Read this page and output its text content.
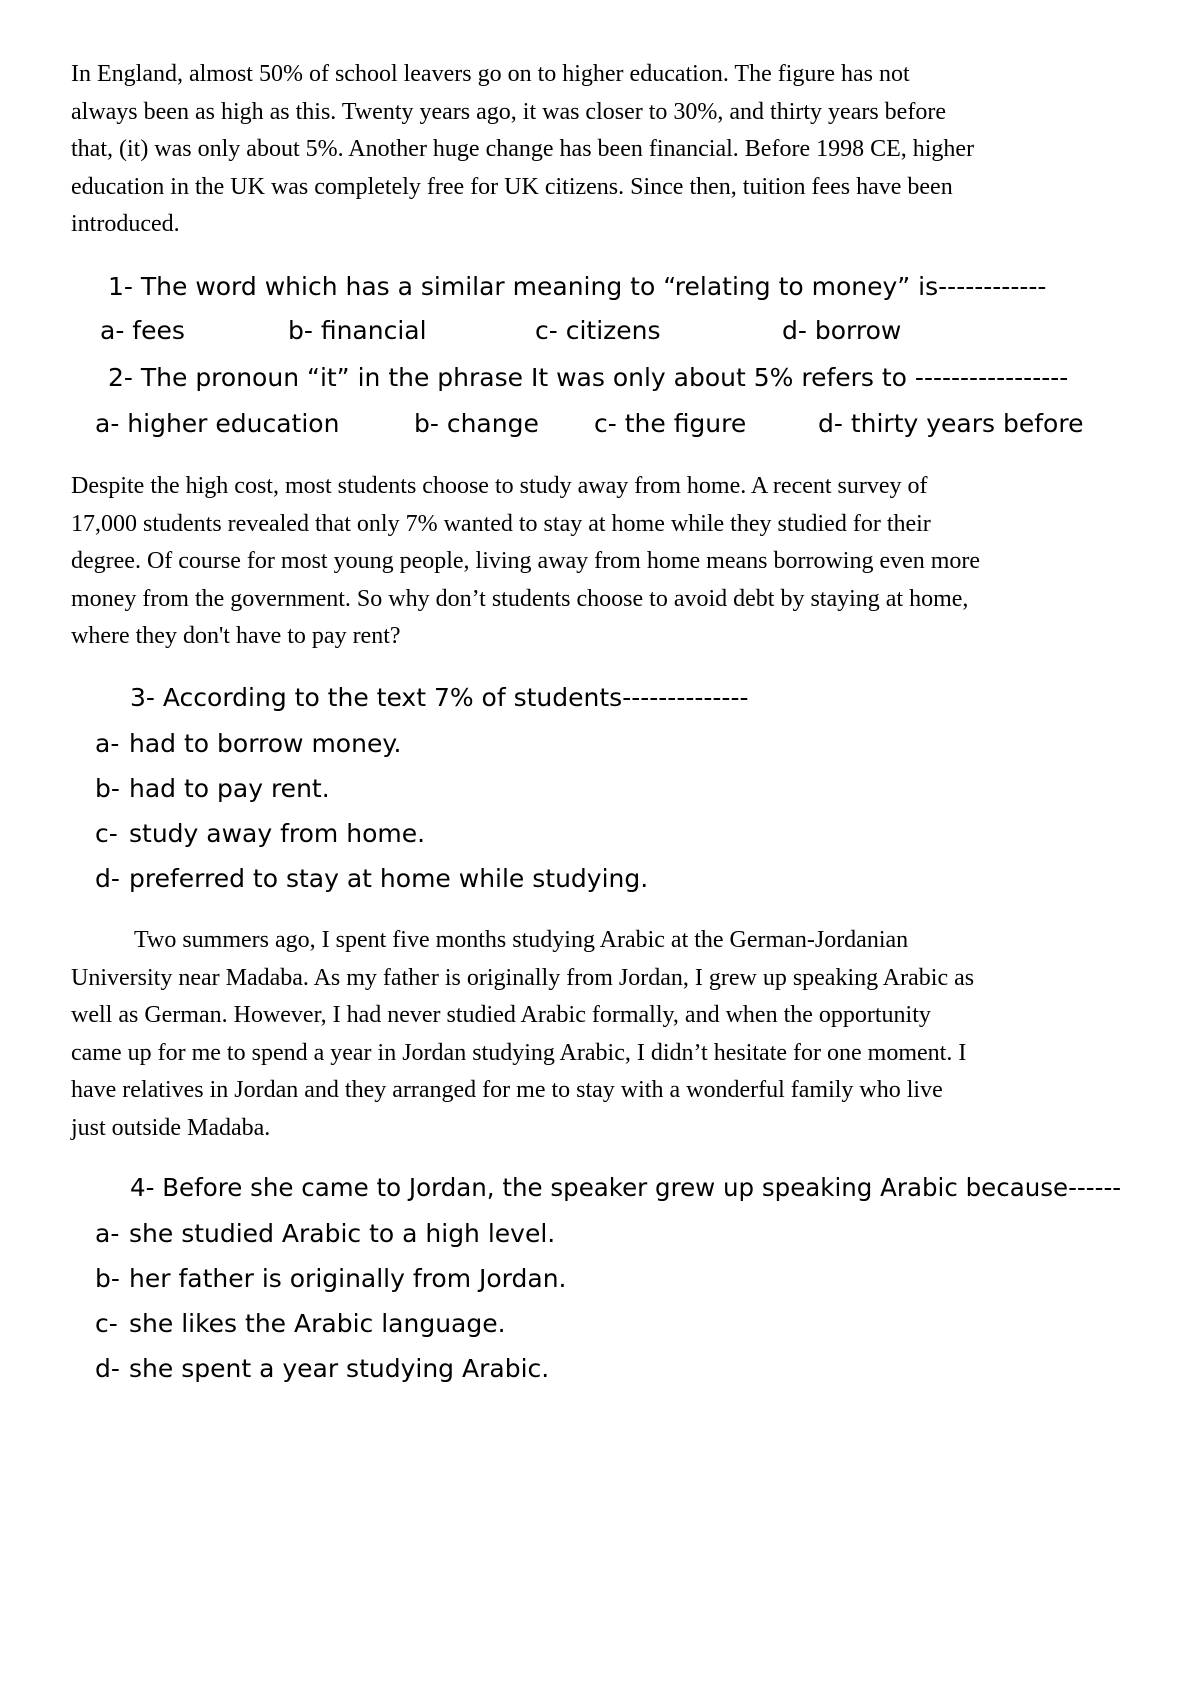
In England, almost 50% of school leavers go on to higher education. The figure has not
always been as high as this. Twenty years ago, it was closer to 30%, and thirty years before
that, (it) was only about 5%. Another huge change has been financial. Before 1998 CE, higher
education in the UK was completely free for UK citizens. Since then, tuition fees have been
introduced.

1- The word which has a similar meaning to “relating to money” is------------
a- fees	b- financial	c- citizens	d- borrow
2- The pronoun “it” in the phrase It was only about 5% refers to -----------------
a- higher education	b- change c- the figure	d- thirty years before

Despite the high cost, most students choose to study away from home. A recent survey of
17,000 students revealed that only 7% wanted to stay at home while they studied for their
degree. Of course for most young people, living away from home means borrowing even more
money from the government. So why don’t students choose to avoid debt by staying at home,
where they don't have to pay rent?

3- According to the text 7% of students--------------
a- had to borrow money.
b- had to pay rent.
c- study away from home.
d- preferred to stay at home while studying.

Two summers ago, I spent five months studying Arabic at the German-Jordanian

University near Madaba. As my father is originally from Jordan, I grew up speaking Arabic as
well as German. However, I had never studied Arabic formally, and when the opportunity
came up for me to spend a year in Jordan studying Arabic, I didn’t hesitate for one moment. I
have relatives in Jordan and they arranged for me to stay with a wonderful family who live
just outside Madaba.

4- Before she came to Jordan, the speaker grew up speaking Arabic because------
a- she studied Arabic to a high level.
b- her father is originally from Jordan.
c- she likes the Arabic language.
d- she spent a year studying Arabic.
